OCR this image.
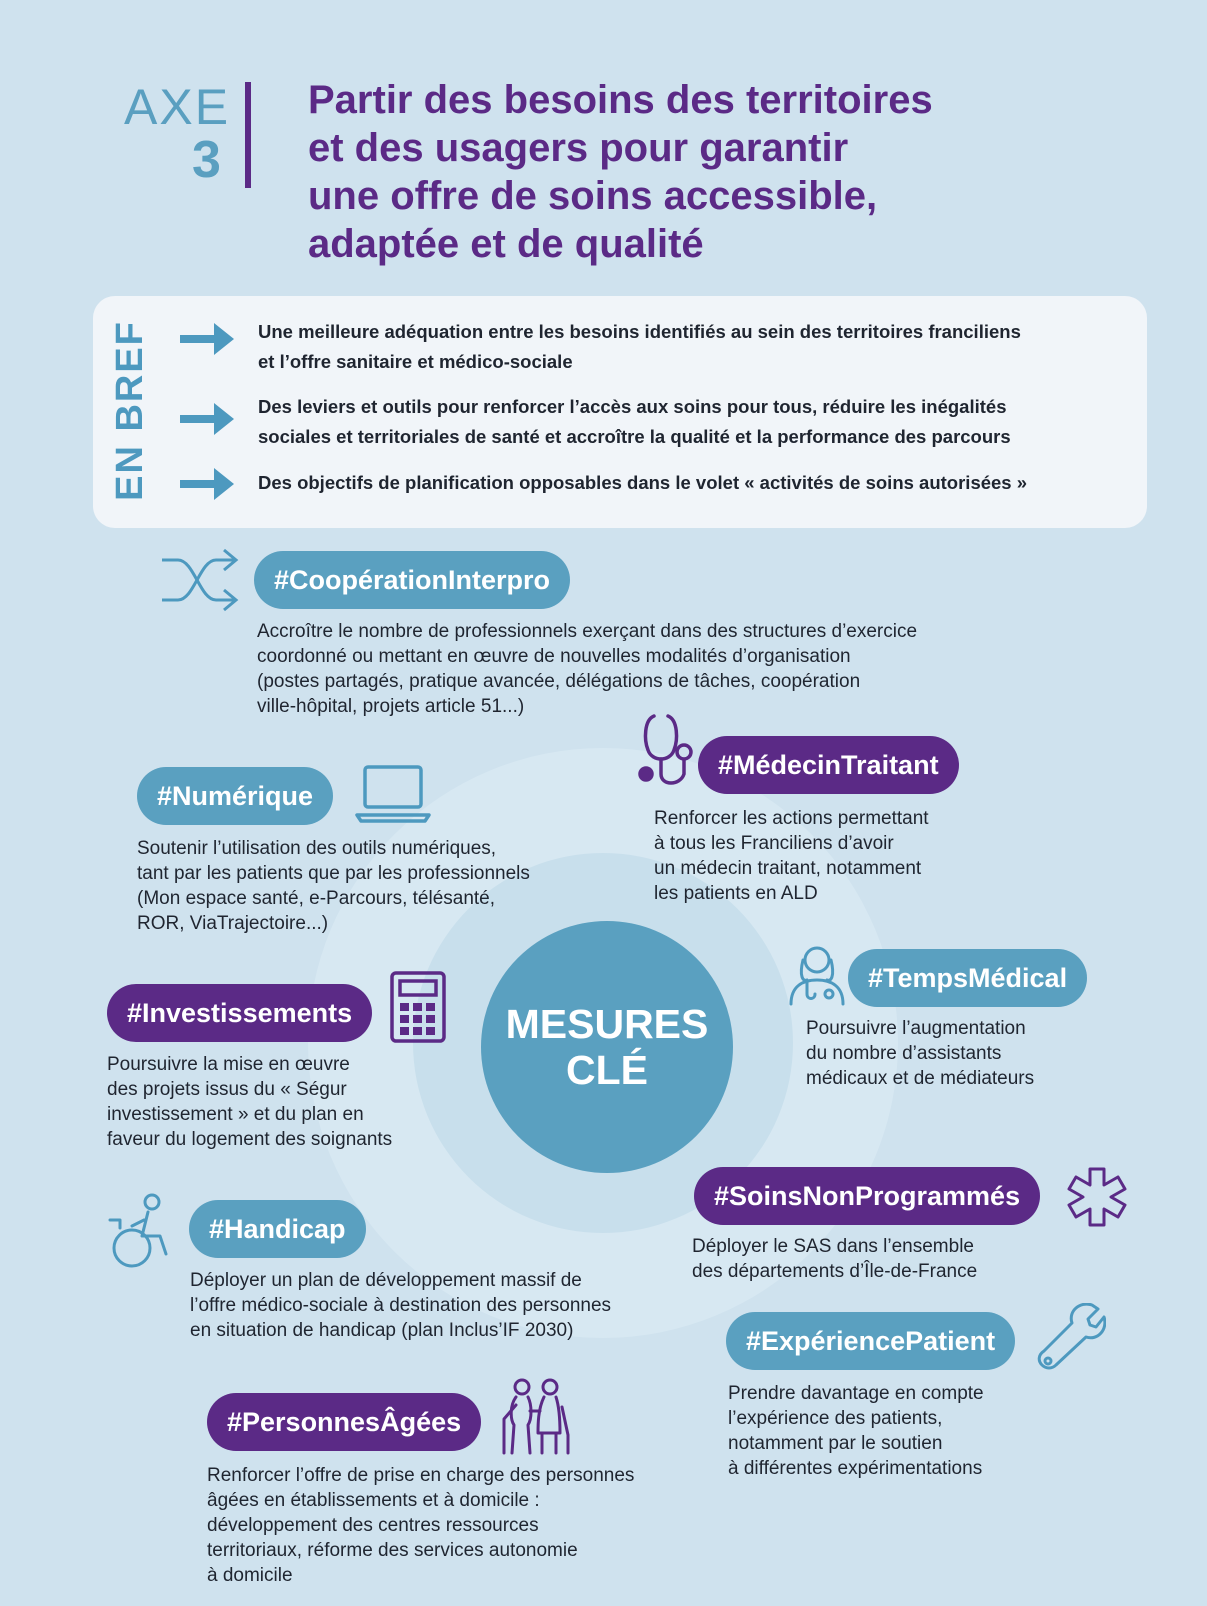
AXE
3
Partir des besoins des territoires
et des usagers pour garantir
une offre de soins accessible,
adaptée et de qualité
EN BREF	Une meilleure adéquation entre les besoins identifiés au sein des territoires franciliens
et l’offre sanitaire et médico-sociale
Des leviers et outils pour renforcer l’accès aux soins pour tous, réduire les inégalités
sociales et territoriales de santé et accroître la qualité et la performance des parcours
Des objectifs de planification opposables dans le volet « activités de soins autorisées »
MESURES
CLÉ
#CoopérationInterpro
Accroître le nombre de professionnels exerçant dans des structures d’exercice
coordonné ou mettant en œuvre de nouvelles modalités d’organisation
(postes partagés, pratique avancée, délégations de tâches, coopération
ville-hôpital, projets article 51...)
#MédecinTraitant
Renforcer les actions permettant
à tous les Franciliens d’avoir
un médecin traitant, notamment
les patients en ALD
#Numérique
Soutenir l’utilisation des outils numériques,
tant par les patients que par les professionnels
(Mon espace santé, e-Parcours, télésanté,
ROR, ViaTrajectoire...)
#TempsMédical
Poursuivre l’augmentation
du nombre d’assistants
médicaux et de médiateurs
#Investissements
Poursuivre la mise en œuvre
des projets issus du « Ségur
investissement » et du plan en
faveur du logement des soignants
#SoinsNonProgrammés
Déployer le SAS dans l’ensemble
des départements d’Île-de-France
#Handicap
Déployer un plan de développement massif de
l’offre médico-sociale à destination des personnes
en situation de handicap (plan Inclus’IF 2030)	#ExpériencePatient
Prendre davantage en compte
l’expérience des patients,
notamment par le soutien
à différentes expérimentations
#PersonnesÂgées
Renforcer l’offre de prise en charge des personnes
âgées en établissements et à domicile :
développement des centres ressources
territoriaux, réforme des services autonomie
à domicile
